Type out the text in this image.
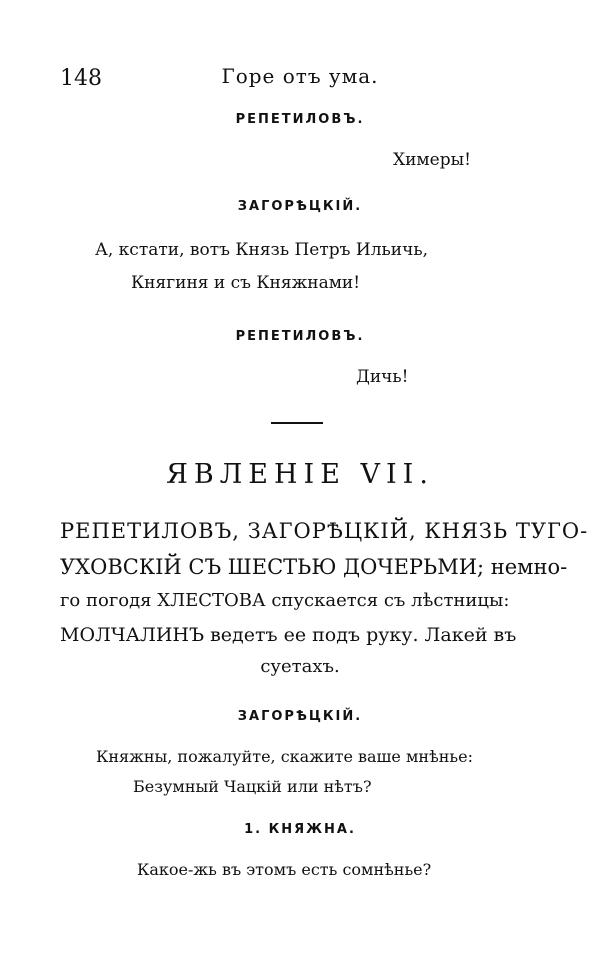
148	Горе отъ ума.
РЕПЕТИЛОВЪ.
Химеры!
ЗАГОРѢЦКІЙ.
А, кстати, вотъ Князь Петръ Ильичь,
Княгиня и съ Княжнами!
РЕПЕТИЛОВЪ.
Дичь!
ЯВЛЕНІЕ VII.
РЕПЕТИЛОВЪ, ЗАГОРѢЦКІЙ, КНЯЗЬ ТУГО-
УХОВСКІЙ СЪ ШЕСТЬЮ ДОЧЕРЬМИ; немно-
го погодя ХЛЕСТОВА спускается съ лѣстницы:
МОЛЧАЛИНЪ ведетъ ее подъ руку. Лакей въ
суетахъ.
ЗАГОРѢЦКІЙ.
Княжны, пожалуйте, скажите ваше мнѣнье:
Безумный Чацкій или нѣтъ?
1. КНЯЖНА.
Какое-жь въ этомъ есть сомнѣнье?
